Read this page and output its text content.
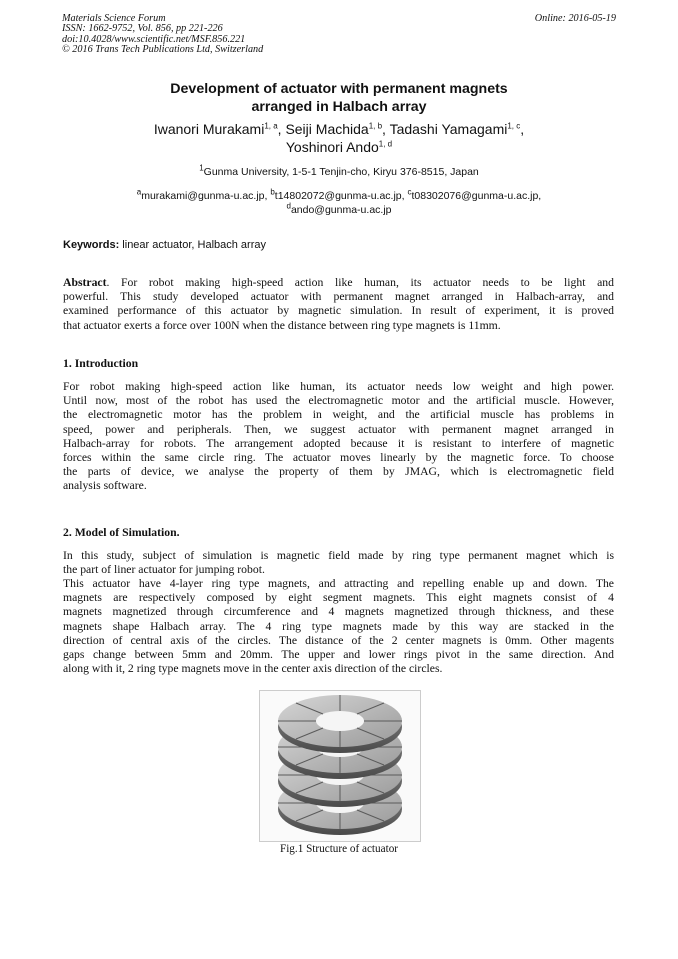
Materials Science Forum
ISSN: 1662-9752, Vol. 856, pp 221-226
doi:10.4028/www.scientific.net/MSF.856.221
© 2016 Trans Tech Publications Ltd, Switzerland
Online: 2016-05-19
Development of actuator with permanent magnets
arranged in Halbach array
Iwanori Murakami$^{1, a}$, Seiji Machida$^{1, b}$, Tadashi Yamagami$^{1, c}$,
Yoshinori Ando$^{1, d}$
$^1$Gunma University, 1-5-1 Tenjin-cho, Kiryu 376-8515, Japan
$^a$murakami@gunma-u.ac.jp, $^b$t14802072@gunma-u.ac.jp, $^c$t08302076@gunma-u.ac.jp,
$^d$ando@gunma-u.ac.jp
Keywords: linear actuator, Halbach array
Abstract. For robot making high-speed action like human, its actuator needs to be light and
powerful. This study developed actuator with permanent magnet arranged in Halbach-array, and
examined performance of this actuator by magnetic simulation. In result of experiment, it is proved
that actuator exerts a force over 100N when the distance between ring type magnets is 11mm.
1. Introduction
For robot making high-speed action like human, its actuator needs low weight and high power.
Until now, most of the robot has used the electromagnetic motor and the artificial muscle. However,
the electromagnetic motor has the problem in weight, and the artificial muscle has problems in
speed, power and peripherals. Then, we suggest actuator with permanent magnet arranged in
Halbach-array for robots. The arrangement adopted because it is resistant to interfere of magnetic
forces within the same circle ring. The actuator moves linearly by the magnetic force. To choose
the parts of device, we analyse the property of them by JMAG, which is electromagnetic field
analysis software.
2. Model of Simulation.
In this study, subject of simulation is magnetic field made by ring type permanent magnet which is
the part of liner actuator for jumping robot.
This actuator have 4-layer ring type magnets, and attracting and repelling enable up and down. The
magnets are respectively composed by eight segment magnets. This eight magnets consist of 4
magnets magnetized through circumference and 4 magnets magnetized through thickness, and these
magnets shape Halbach array. The 4 ring type magnets made by this way are stacked in the
direction of central axis of the circles. The distance of the 2 center magnets is 0mm. Other magents
gaps change between 5mm and 20mm. The upper and lower rings pivot in the same direction. And
along with it, 2 ring type magnets move in the center axis direction of the circles.
Fig.1 Structure of actuator
